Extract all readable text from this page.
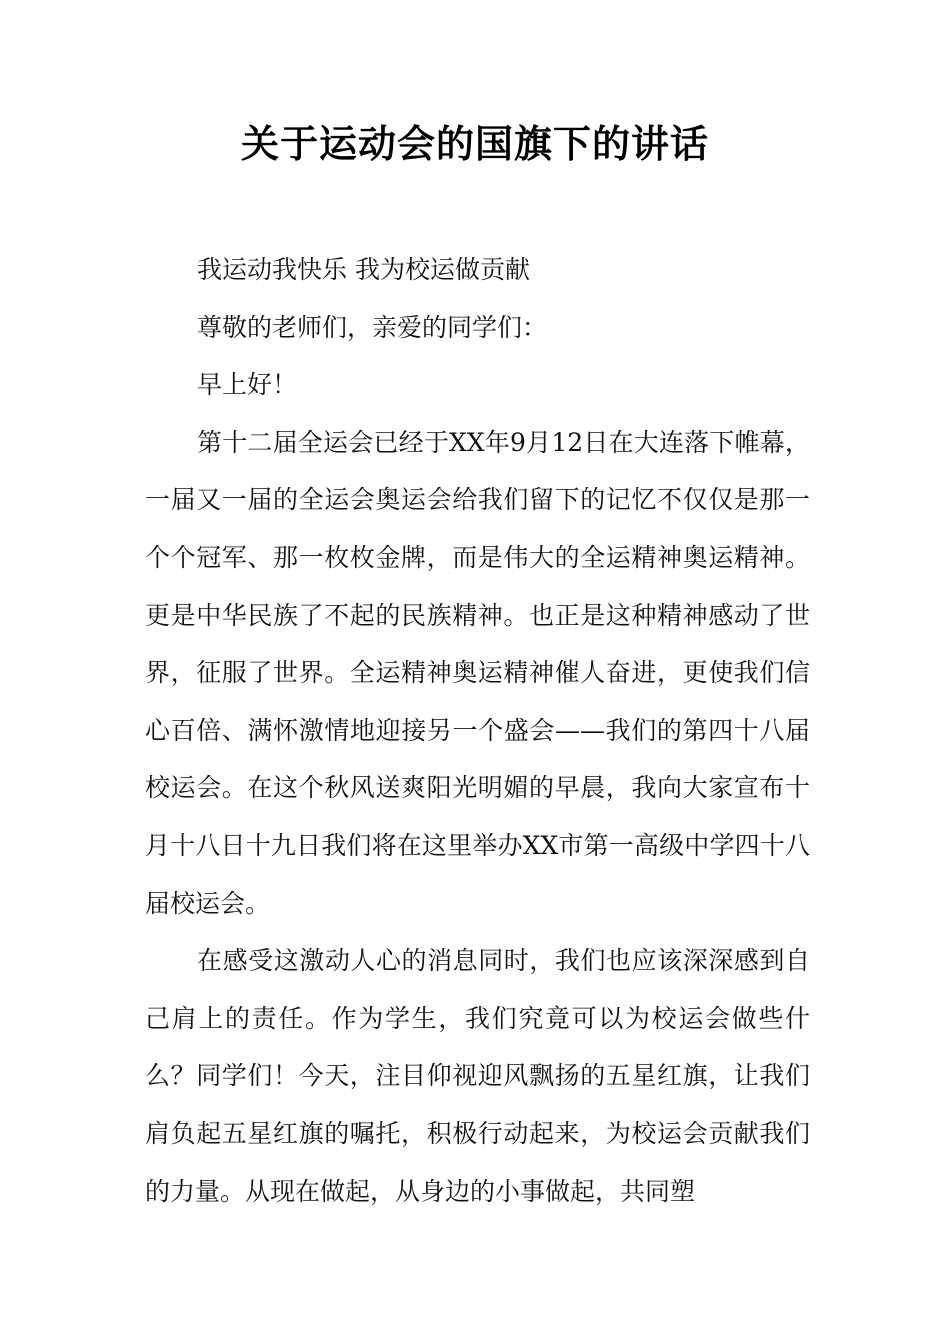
关于运动会的国旗下的讲话

我运动我快乐 我为校运做贡献

尊敬的老师们，亲爱的同学们：

早上好！

第十二届全运会已经于XX年9月12日在大连落下帷幕，一届又一届的全运会奥运会给我们留下的记忆不仅仅是那一个个冠军、那一枚枚金牌，而是伟大的全运精神奥运精神。更是中华民族了不起的民族精神。也正是这种精神感动了世界，征服了世界。全运精神奥运精神催人奋进，更使我们信心百倍、满怀激情地迎接另一个盛会——我们的第四十八届校运会。在这个秋风送爽阳光明媚的早晨，我向大家宣布十月十八日十九日我们将在这里举办XX市第一高级中学四十八届校运会。

在感受这激动人心的消息同时，我们也应该深深感到自己肩上的责任。作为学生，我们究竟可以为校运会做些什么？同学们！今天，注目仰视迎风飘扬的五星红旗，让我们肩负起五星红旗的嘱托，积极行动起来，为校运会贡献我们的力量。从现在做起，从身边的小事做起，共同塑
